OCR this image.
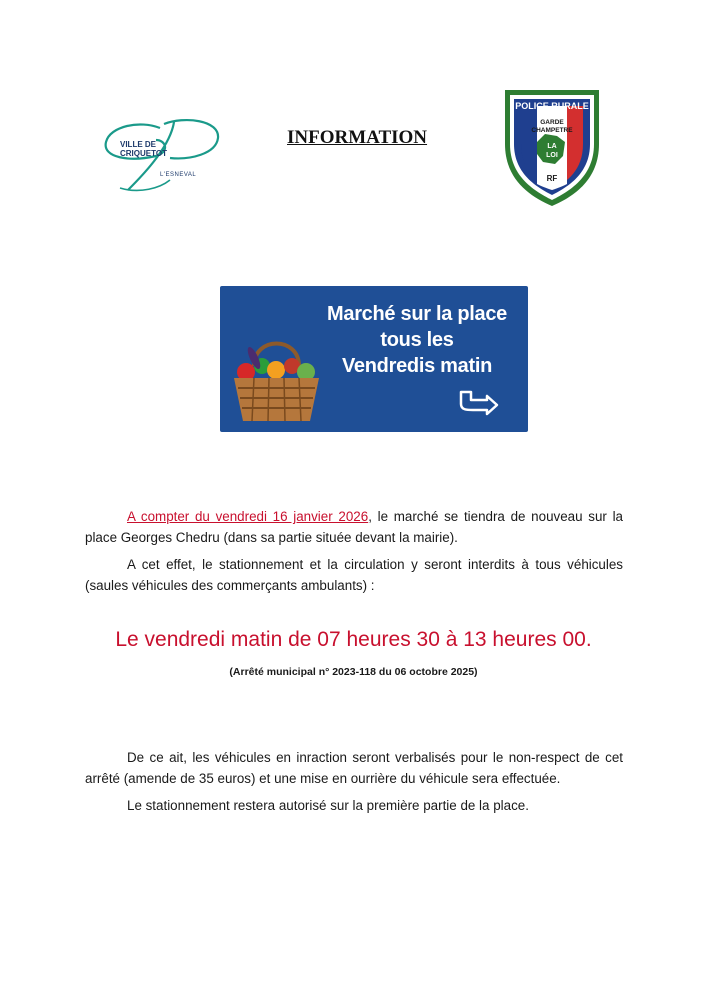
VILLE DE
CRIQUETOT
L'ESNEVAL
INFORMATION
POLICE RURALE
GARDE
CHAMPETRE
LA
LOI
RF
Marché sur la place
tous les
Vendredis matin
A compter du vendredi 16 janvier 2026, le marché se tiendra de nouveau sur la place Georges Chedru (dans sa partie située devant la mairie).
A cet effet, le stationnement et la circulation y seront interdits à tous véhicules (saules véhicules des commerçants ambulants) :
Le vendredi matin de 07 heures 30 à 13 heures 00.
(Arrêté municipal n° 2023-118 du 06 octobre 2025)
De ce ait, les véhicules en inraction seront verbalisés pour le non-respect de cet arrêté (amende de 35 euros) et une mise en ourrière du véhicule sera effectuée.
Le stationnement restera autorisé sur la première partie de la place.
